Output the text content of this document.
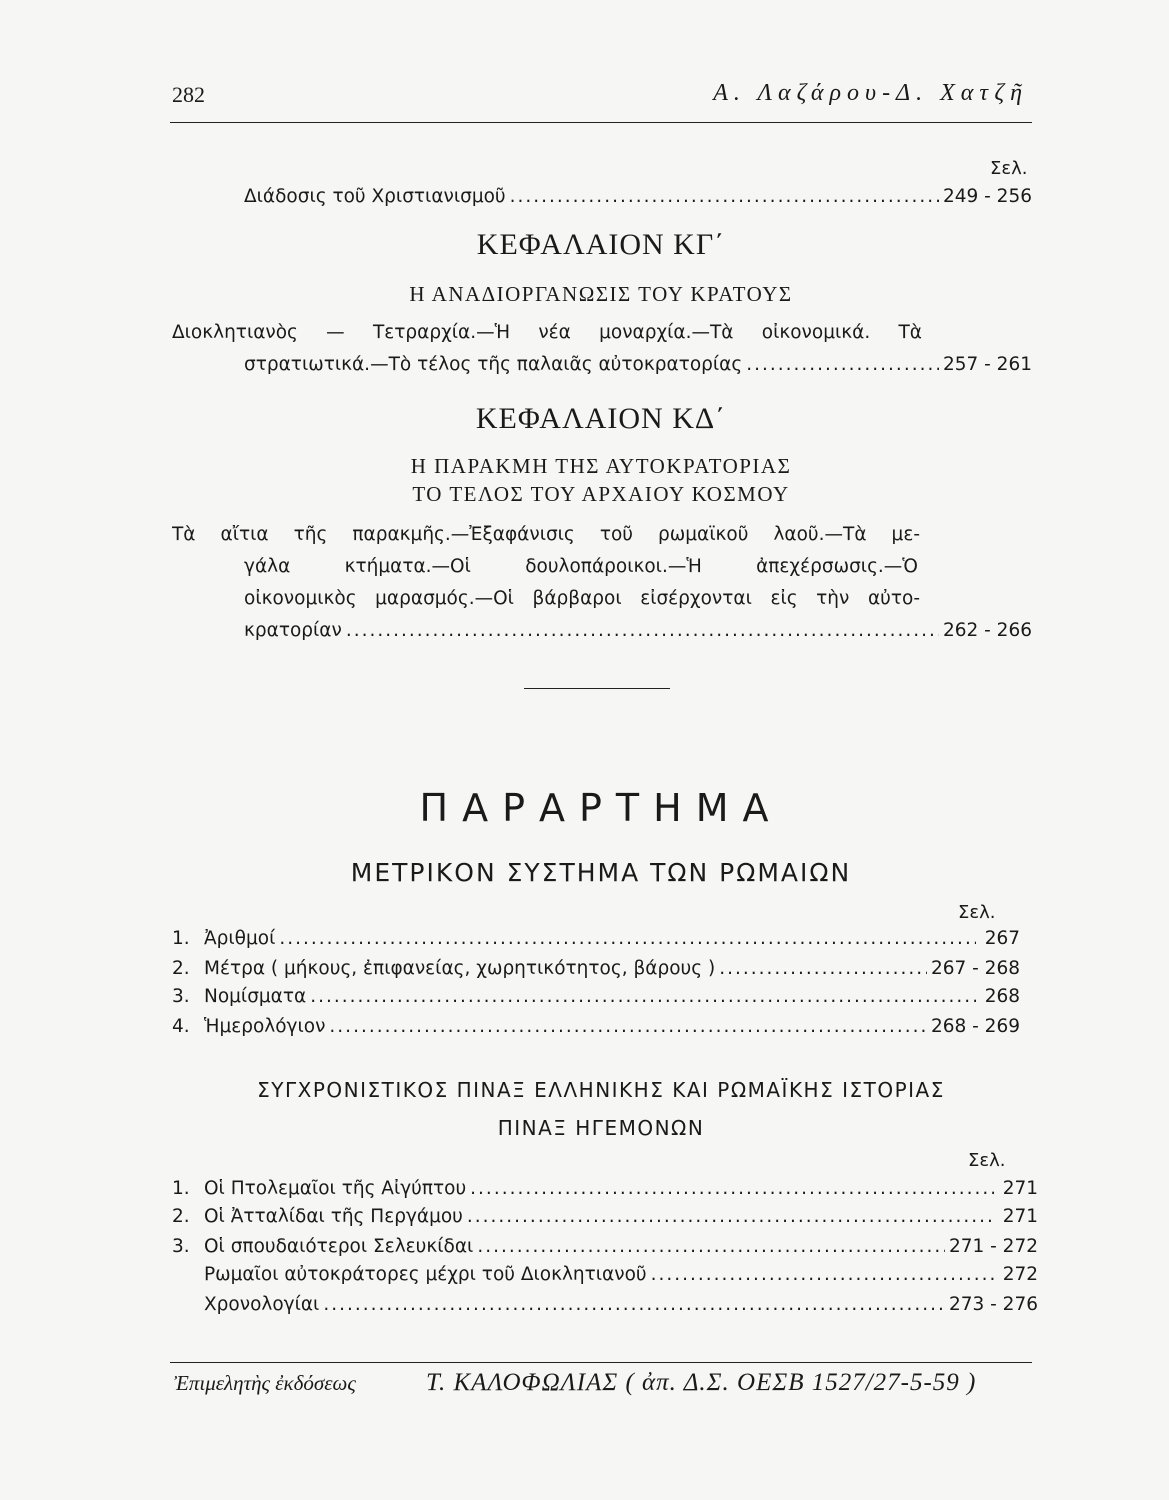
282	Α. Λαζάρου-Δ. Χατζῆ
Σελ.
Διάδοσις τοῦ Χριστιανισμοῦ .....	249 - 256
ΚΕΦΑΛΑΙΟΝ ΚΓ΄
Η ΑΝΑΔΙΟΡΓΑΝΩΣΙΣ ΤΟΥ ΚΡΑΤΟΥΣ
Διοκλητιανὸς — Τετραρχία.—Ἡ νέα μοναρχία.—Τὰ οἰκονομικά. Τὰ
στρατιωτικά.—Τὸ τέλος τῆς παλαιᾶς αὐτοκρατορίας .....	257 - 261
ΚΕΦΑΛΑΙΟΝ ΚΔ΄
Η ΠΑΡΑΚΜΗ ΤΗΣ ΑΥΤΟΚΡΑΤΟΡΙΑΣ
ΤΟ ΤΕΛΟΣ ΤΟΥ ΑΡΧΑΙΟΥ ΚΟΣΜΟΥ
Τὰ αἴτια τῆς παρακμῆς.—Ἐξαφάνισις τοῦ ρωμαϊκοῦ λαοῦ.—Τὰ με-
γάλα κτήματα.—Οἱ δουλοπάροικοι.—Ἡ ἀπεχέρσωσις.—Ὁ
οἰκονομικὸς μαρασμός.—Οἱ βάρβαροι εἰσέρχονται εἰς τὴν αὐτο-
κρατορίαν .....	262 - 266
ΠΑΡΑΡΤΗΜΑ
ΜΕΤΡΙΚΟΝ ΣΥΣΤΗΜΑ ΤΩΝ ΡΩΜΑΙΩΝ
Σελ.
1. Ἀριθμοί .....	267
2. Μέτρα ( μήκους, ἐπιφανείας, χωρητικότητος, βάρους ) .....	267 - 268
3. Νομίσματα .....	268
4. Ἡμερολόγιον .....	268 - 269
ΣΥΓΧΡΟΝΙΣΤΙΚΟΣ ΠΙΝΑΞ ΕΛΛΗΝΙΚΗΣ ΚΑΙ ΡΩΜΑΪΚΗΣ ΙΣΤΟΡΙΑΣ
ΠΙΝΑΞ ΗΓΕΜΟΝΩΝ
Σελ.
1. Οἱ Πτολεμαῖοι τῆς Αἰγύπτου .....	271
2. Οἱ Ἀτταλίδαι τῆς Περγάμου .....	271
3. Οἱ σπουδαιότεροι Σελευκίδαι .....	271 - 272
Ρωμαῖοι αὐτοκράτορες μέχρι τοῦ Διοκλητιανοῦ .....	272
Χρονολογίαι .....	273 - 276
Ἐπιμελητὴς ἐκδόσεως	Τ. ΚΑΛΟΦΩΛΙΑΣ ( ἀπ. Δ.Σ. ΟΕΣΒ 1527/27-5-59 )
